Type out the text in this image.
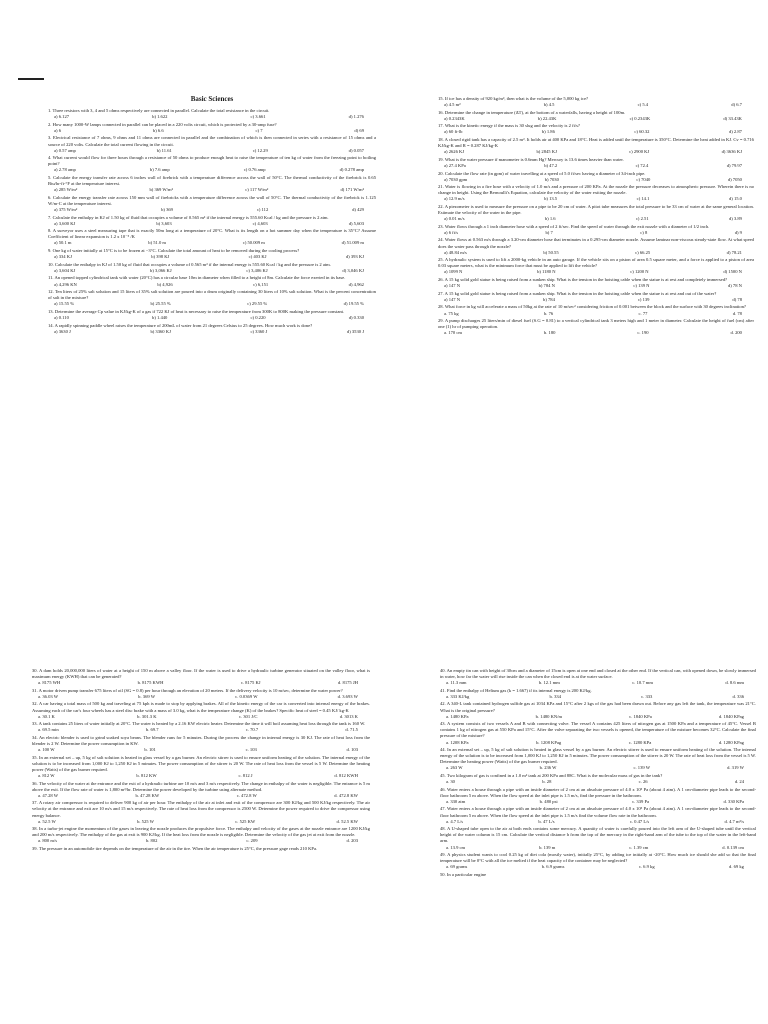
Basic Sciences
1. Three resistors with 3, 4 and 5 ohms respectively are connected in parallel. Calculate the total resistance in the circuit.
a) 6.127	b) 1.622	c) 3.661	d) 1.276
2. How many 1000-W lamps connected in parallel can be placed in a 220 volts circuit, which is protected by a 30-amp fuse?
a) 6	b) 6.6	c) 7	d) 69
3. Electrical resistance of 7 ohms, 9 ohms and 11 ohms are connected in parallel and the combination of which is then connected in series with a resistance of 15 ohms and a source of 220 volts. Calculate the total current flowing in the circuit.
a) 0.57 amp	b) 11.61	c) 12.29	d) 0.057
4. What current would flow for three hours through a resistance of 50 ohms to produce enough heat to raise the temperature of ten kg of water from the freezing point to boiling point?
a) 2.78 amp	b) 7.6 amp	c) 0.76 amp	d) 0.278 amp
5. Calculate the energy transfer rate across 6 inches wall of firebrick with a temperature difference across the wall of 50°C. The thermal conductivity of the firebrick is 0.65 Btu/hr-ft-°F at the temperature interest.
a) 285 W/m²	b) 369 W/m²	c) 117 W/m²	d) 171 W/m²
6. Calculate the energy transfer rate across 150 mm wall of firebricks with a temperature difference across the wall of 50°C. The thermal conductivity of the firebrick is 1.125 W/m-C at the temperature interest.
a) 375 W/m²	b) 369	c) 112	d) 429
7. Calculate the enthalpy in KJ of 1.50 kg of fluid that occupies a volume of 0.565 m³ if the internal energy is 555.60 Kcal / kg and the pressure is 2 atm.
a) 3,600 KJ	b) 3,603	c) 4,603	d) 5,603
8. A surveyor uses a steel measuring tape that is exactly 50m long at a temperature of 20°C. What is its length on a hot summer day when the temperature is 35°C? Assume Coefficient of linear expansion is 1.2 x 10⁻⁵ /K
a) 50.1 m	b) 51.0 m	c) 50.009 m	d) 51.009 m
9. One kg of water initially at 15°C is to be frozen at −3°C. Calculate the total amount of heat to be removed during the cooling process?
a) 334 KJ	b) 398 KJ	c) 403 KJ	d) 393 KJ
10. Calculate the enthalpy in KJ of 1.50 kg of fluid that occupies a volume of 0.565 m³ if the internal energy is 555.60 Kcal / kg and the pressure is 2 atm.
a) 3,604 KJ	b) 3,066 KJ	c) 3,406 KJ	d) 3,046 KJ
11. An opened topped cylindrical tank with water (20°C) has a circular base 10m in diameter when filled to a height of 8m. Calculate the force exerted in its base.
a) 4,296 KN	b) 4,926	c) 6,151	d) 4,962
12. Ten liters of 25% salt solution and 15 liters of 35% salt solution are poured into a drum originally containing 30 liters of 10% salt solution. What is the percent concentration of salt in the mixture?
a) 15.55 %	b) 25.55 %	c) 29.55 %	d) 19.55 %
13. Determine the average Cp value in KJ/kg-K of a gas if 722 KJ of heat is necessary to raise the temperature from 300K to 800K making the pressure constant.
a) 0.110	b) 1.440	c) 0.220	d) 0.330
14. A rapidly spinning paddle wheel raises the temperature of 200mL of water from 21 degrees Celsius to 25 degrees. How much work is done?
a) 3630 J	b) 3360 KJ	c) 3360 J	d) 3530 J
15. If ice has a density of 920 kg/m³, then what is the volume of the 5,000 kg ice?
a) 4.5 m³	b) 4.5	c) 5.4	d) 6.7
16. Determine the change in temperature (ΔT), at the bottom of a waterfalls, having a height of 100m.
a) 0.2343K	b) 22.43K	c) 0.2343K	d) 33.43K
17. What is the kinetic energy if the mass is 30 slug and the velocity is 2 ft/s?
a) 60 ft-lb	b) 1.86	c) 60.32	d) 2.87
18. A closed rigid tank has a capacity of 2.5 m³. It holds air at 400 KPa and 18°C. Heat is added until the temperature is 350°C. Determine the heat added in KJ. Cv = 0.716 KJ/kg-K and R = 0.287 KJ/kg-K
a) 2626 KJ	b) 2845 KJ	c) 2900 KJ	d) 3636 KJ
19. What is the water pressure if manometer is 0.6mm Hg? Mercury is 13.6 times heavier than water.
a) 27.4 KPa	b) 47.2	c) 72.4	d) 79.97
20. Calculate the flow rate (in gpm) of water travelling at a speed of 5.0 ft/sec having a diameter of 34-inch pipe.
a) 7030 gpm	b) 7030	c) 7040	d) 7050
21. Water is flowing in a fire hose with a velocity of 1.0 m/s and a pressure of 200 KPa. At the nozzle the pressure decreases to atmospheric pressure. Wherein there is no change in height. Using the Bernoulli's Equation, calculate the velocity of the water exiting the nozzle.
a) 12.9 m/s	b) 13.5	c) 14.1	d) 15.0
22. A piezometer is used to measure the pressure on a pipe to be 20 cm of water. A pitot tube measures the total pressure to be 33 cm of water at the same general location. Estimate the velocity of the water in the pipe.
a) 0.01 m/s	b) 1.6	c) 2.51	d) 3.89
23. Water flows through a 1 inch diameter hose with a speed of 2 ft/sec. Find the speed of water through the exit nozzle with a diameter of 1/2 inch.
a) 6 ft/s	b) 7	c) 8	d) 9
24. Water flows at 0.563 m/s through a 3.20-cm diameter hose that terminates in a 0.295-cm diameter nozzle. Assume laminar non-viscous steady-state flow. At what speed does the water pass through the nozzle?
a) 48.84 m/s	b) 50.55	c) 66.25	d) 78.21
25. A hydraulic system is used to lift a 2000-kg vehicle in an auto garage. If the vehicle sits on a piston of area 0.5 square meter, and a force is applied to a piston of area 0.03 square meters, what is the minimum force that must be applied to lift the vehicle?
a) 1099 N	b) 1180 N	c) 1200 N	d) 1500 N
26. A 15 kg solid gold statue is being raised from a sunken ship. What is the tension in the hoisting cable when the statue is at rest and completely immersed?
a) 147 N	b) 784 N	c) 139 N	d) 78 N
27. A 15 kg solid gold statue is being raised from a sunken ship. What is the tension in the hoisting cable when the statue is at rest and out of the water?
a) 147 N	b) 784	c) 139	d) 78
28. What force in kg will accelerate a mass of 50kg at the rate of 10 m/sec² considering friction of 0.001 between the block and the surface with 30 degrees inclination?
a. 75 kg	b. 76	c. 77	d. 78
29. A pump discharges 25 liters/min of diesel fuel (S.G = 0.81) to a vertical cylindrical tank 3 meters high and 1 meter in diameter. Calculate the height of fuel (cm) after one (1) hr of pumping operation.
a. 170 cm	b. 180	c. 190	d. 200
30. A dam holds 20,000,000 liters of water at a height of 150 m above a valley floor. If the water is used to drive a hydraulic turbine generator situated on the valley floor, what is maximum energy (KWH) that can be generated?
a. 8175 WH	b. 8175 KWH	c. 8175 KJ	d. 8175 JH
31. A motor driven pump transfer 675 liters of oil (SG = 0.8) per hour through an elevation of 20 meters. If the delivery velocity is 10 m/sec, determine the water power?
a. 36.03 W	b. 369 W	c. 0.0369 W	d. 3.693 W
32. A car having a total mass of 500 kg and traveling at 75 kph is made to stop by applying brakes. All of the kinetic energy of the car is converted into internal energy of the brakes. Assuming each of the car's four wheels has a steel disc brake with a mass of 3.0 kg, what is the temperature change (K) of the brakes? Specific heat of steel = 0.45 KJ/ kg-K
a. 30.1 K	b. 301.3 K	c. 301 J/C	d. 3013 K
33. A tank contains 25 liters of water initially at 20°C. The water is heated by a 2.16 KW electric heater. Determine the time it will boil assuming heat loss through the tank is 160 W.
a. 69.5 min	b. 69.7	c. 70.7	d. 71.5
34. An electric blender is used to grind soaked soya beans. The blender runs for 5 minutes. During the process the change in internal energy is 30 KJ. The rate of heat loss from the blender is 2 W. Determine the power consumption in KW.
a. 100 W	b. 101	c. 103	d. 103
35. In an external set – up, 5 kg of salt solution is heated in glass vessel by a gas burner. An electric stirrer is used to ensure uniform heating of the solution. The internal energy of the solution is to be increased from 1,000 KJ to 1,250 KJ in 5 minutes. The power consumption of the stirrer is 20 W. The rate of heat loss from the vessel is 5 W. Determine the heating power (Watts) of the gas burner required.
a. 812 W	b. 812 KW	c. 812 J	d. 812 KWH
36. The velocity of the water at the entrance and the exit of a hydraulic turbine are 10 m/s and 3 m/s respectively. The change in enthalpy of the water is negligible. The entrance is 5 m above the exit. If the flow rate of water is 1,800 m³/hr. Determine the power developed by the turbine using alternate method.
a. 47.28 W	b. 47.28 KW	c. 472.8 W	d. 472.8 KW
37. A rotary air compressor is required to deliver 900 kg of air per hour. The enthalpy of the air at inlet and exit of the compressor are 300 KJ/kg and 500 KJ/kg respectively. The air velocity at the entrance and exit are 10 m/s and 15 m/s respectively. The rate of heat loss from the compressor is 2500 W. Determine the power required to drive the compressor using energy balance.
a. 52.5 W	b. 525 W	c. 525 KW	d. 52.5 KW
38. In a turbo-jet engine the momentum of the gases in leaving the nozzle produces the propulsive force. The enthalpy and velocity of the gases at the nozzle entrance are 1200 KJ/kg and 200 m/s respectively. The enthalpy of the gas at exit is 900 KJ/kg. If the heat loss from the nozzle is negligible. Determine the velocity of the gas jet at exit from the nozzle.
a. 800 m/s	b. 802	c. 209	d. 203
39. The pressure in an automobile tire depends on the temperature of the air in the tire. When the air temperature is 25°C, the pressure gage reads 210 KPa.
40. An empty tin can with height of 30cm and a diameter of 15cm is open at one end and closed at the other end. If the vertical can, with opened down, be slowly immersed in water, how far the water will rise inside the can when the closed end is at the water surface.
a. 11.3 mm	b. 12.1 mm	c. 10.7 mm	d. 8.6 mm
41. Find the enthalpy of Helium gas (k = 1.667) if its internal energy is 200 KJ/kg.
a. 333 KJ/kg	b. 334	c. 333	d. 336
42. A 340-L tank contained hydrogen sulfide gas at 1034 KPa and 15°C after 2 kgs of the gas had been drawn out. Before any gas left the tank, the temperature was 21°C. What is the original pressure?
a. 1480 KPa	b. 1480 KN/m	c. 1840 KPa	d. 1840 KPag
43. A system consists of two vessels A and B with connecting valve. The vessel A contains 425 liters of nitrogen gas at 1500 KPa and a temperature of 45°C. Vessel B contains 1 kg of nitrogen gas at 550 KPa and 15°C. After the valve separating the two vessels is opened, the temperature of the mixture becomes 32°C. Calculate the final pressure of the mixture?
a. 1208 KPa	b. 1208 KPag	c. 1280 KPa	d. 1280 KPag
44. In an external set – up, 5 kg of salt solution is heated in glass vessel by a gas burner. An electric stirrer is used to ensure uniform heating of the solution. The internal energy of the solution is to be increased from 1,000 KJ to 1,250 KJ in 5 minutes. The power consumption of the stirrer is 20 W. The rate of heat loss from the vessel is 5 W. Determine the heating power (Watts) of the gas burner required.
a. 263 W	b. 236 W	c. 139 W	d. 319 W
45. Two kilogram of gas is confined in a 1.0 m³ tank at 200 KPa and 88C. What is the molecular mass of gas in the tank?
a. 30	b. 28	c. 26	d. 24
46. Water enters a house through a pipe with an inside diameter of 2 cm at an absolute pressure of 4.0 x 10⁵ Pa (about 4 atm). A 1 cm-diameter pipe leads to the second-floor bathroom 5 m above. When the flow speed at the inlet pipe is 1.5 m/s, find the pressure in the bathroom.
a. 330 atm	b. 480 psi	c. 339 Pa	d. 330 KPa
47. Water enters a house through a pipe with an inside diameter of 2 cm at an absolute pressure of 4.0 x 10⁵ Pa (about 4 atm). A 1 cm-diameter pipe leads to the second-floor bathroom 5 m above. When the flow speed at the inlet pipe is 1.5 m/s find the volume flow rate in the bathroom.
a. 4.7 L/s	b. 47 L/s	c. 0.47 L/s	d. 4.7 m³/s
48. A U-shaped tube open to the air at both ends contains some mercury. A quantity of water is carefully poured into the left arm of the U-shaped tube until the vertical height of the water column is 15 cm. Calculate the vertical distance h from the top of the mercury in the right-hand arm of the tube to the top of the water in the left-hand arm.
a. 13.9 cm	b. 139 m	c. 1.39 cm	d. 0.139 cm
49. A physics student wants to cool 0.25 kg of diet cola (mostly water), initially 25°C, by adding ice initially at -20°C. How much ice should she add so that the final temperature will be 0°C with all the ice melted if the heat capacity of the container may be neglected?
a. 69 grams	b. 6.9 grams	c. 6.9 kg	d. 69 kg
50. In a particular engine
